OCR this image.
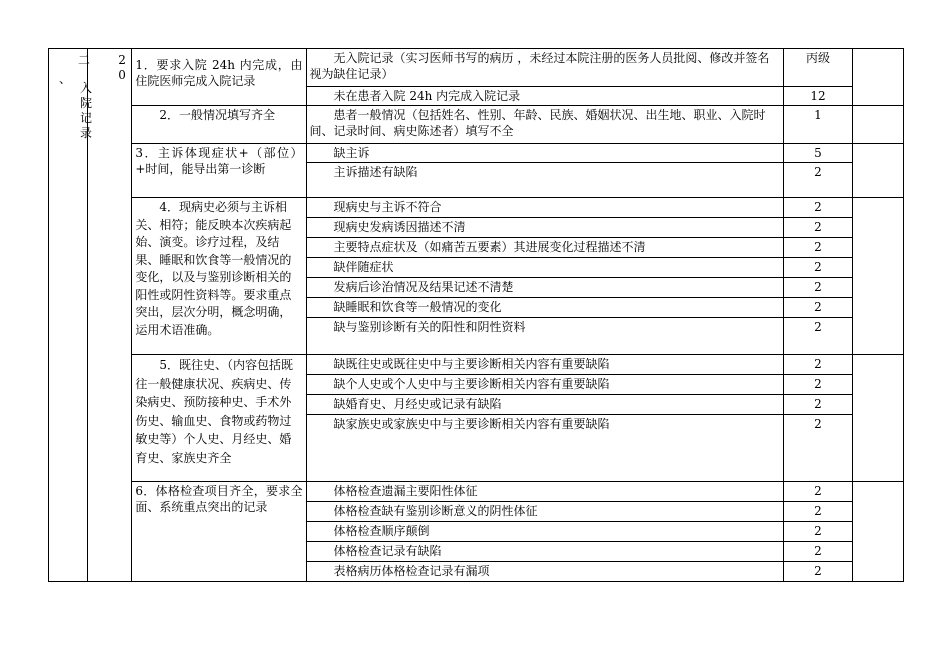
二
、
入院记录	20	1．要求入院 24h 内完成，由住院医师完成入院记录	无入院记录（实习医师书写的病历 ，未经过本院注册的医务人员批阅、修改并签名视为缺住记录）	丙级	
			未在患者入院 24h 内完成入院记录	12	
		2．一般情况填写齐全	患者一般情况（包括姓名、性别、年龄、民族、婚姻状况、出生地、职业、入院时间、记录时间、病史陈述者）填写不全	1	

		3．主诉体现症状+（部位）+时间，能导出第一诊断	缺主诉	5	
			主诉描述有缺陷	2	
		4．现病史必须与主诉相关、相符；能反映本次疾病起始、演变。诊疗过程，及结果、睡眠和饮食等一般情况的变化，以及与鉴别诊断相关的阳性或阴性资料等。要求重点突出，层次分明，概念明确，运用术语准确。	现病史与主诉不符合	2	
			现病史发病诱因描述不清	2	
			主要特点症状及（如痛苦五要素）其进展变化过程描述不清	2	
			缺伴随症状	2	
			发病后诊治情况及结果记述不清楚	2	
			缺睡眠和饮食等一般情况的变化	2	
			缺与鉴别诊断有关的阳性和阴性资料	2	
		5．既往史、（内容包括既往一般健康状况、疾病史、传染病史、预防接种史、手术外伤史、输血史、食物或药物过敏史等）个人史、月经史、婚育史、家族史齐全	缺既往史或既往史中与主要诊断相关内容有重要缺陷	2	
			缺个人史或个人史中与主要诊断相关内容有重要缺陷	2	
			缺婚育史、月经史或记录有缺陷	2	
			缺家族史或家族史中与主要诊断相关内容有重要缺陷	2	

		6．体格检查项目齐全，要求全面、系统重点突出的记录	体格检查遗漏主要阳性体征	2	
			体格检查缺有鉴别诊断意义的阴性体征	2	
			体格检查顺序颠倒	2	
			体格检查记录有缺陷	2	
			表格病历体格检查记录有漏项	2	
